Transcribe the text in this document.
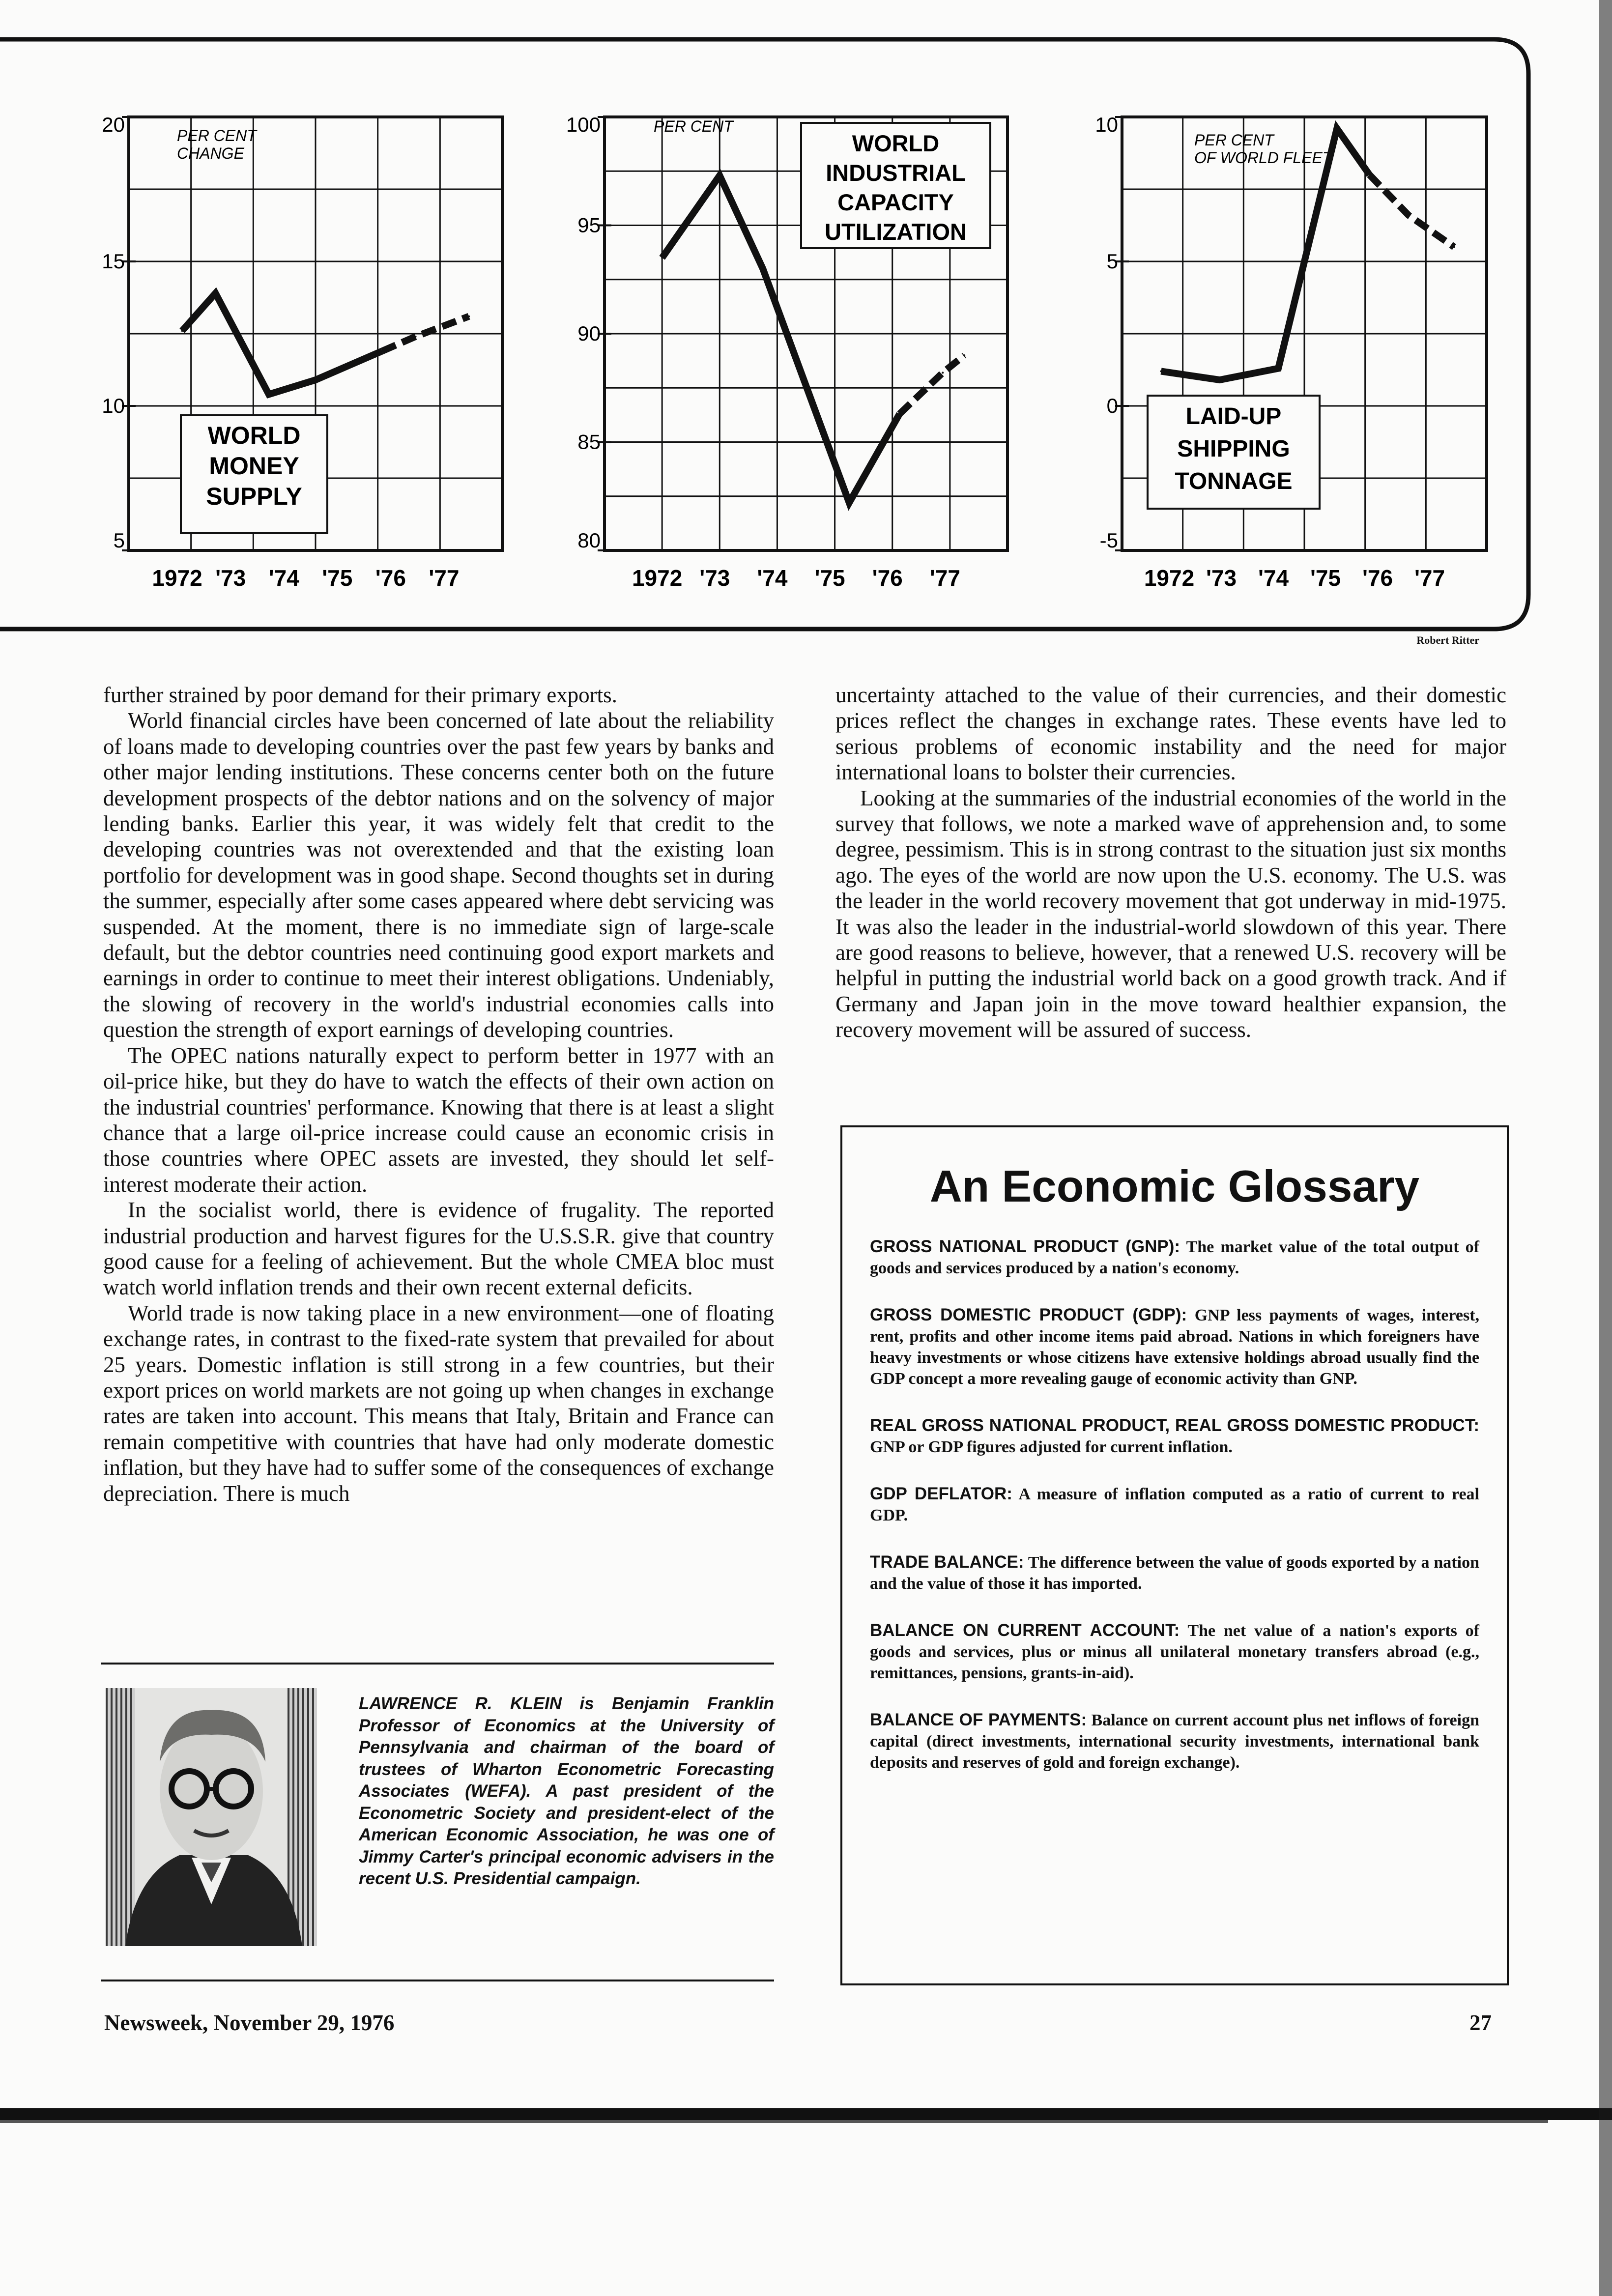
20
15
10
5
1972 '73 '74 '75 '76 '77
PER CENT
CHANGE
WORLD
MONEY
SUPPLY
100
95
90
85
80
1972 '73 '74 '75 '76 '77
PER CENT
WORLD
INDUSTRIAL
CAPACITY
UTILIZATION
10
5
0
-5
1972 '73 '74 '75 '76 '77
PER CENT
OF WORLD FLEET
LAID-UP
SHIPPING
TONNAGE
Robert Ritter

further strained by poor demand for their primary exports.

World financial circles have been concerned of late about the reliability of loans made to developing countries over the past few years by banks and other major lending institutions. These concerns center both on the future development prospects of the debtor nations and on the solvency of major lending banks. Earlier this year, it was widely felt that credit to the developing countries was not overextended and that the existing loan portfolio for development was in good shape. Second thoughts set in during the summer, especially after some cases appeared where debt servicing was suspended. At the moment, there is no immediate sign of large-scale default, but the debtor countries need continuing good export markets and earnings in order to continue to meet their interest obligations. Undeniably, the slowing of recovery in the world's industrial economies calls into question the strength of export earnings of developing countries.

The OPEC nations naturally expect to perform better in 1977 with an oil-price hike, but they do have to watch the effects of their own action on the industrial countries' performance. Knowing that there is at least a slight chance that a large oil-price increase could cause an economic crisis in those countries where OPEC assets are invested, they should let self-interest moderate their action.

In the socialist world, there is evidence of frugality. The reported industrial production and harvest figures for the U.S.S.R. give that country good cause for a feeling of achievement. But the whole CMEA bloc must watch world inflation trends and their own recent external deficits.

World trade is now taking place in a new environment—one of floating exchange rates, in contrast to the fixed-rate system that prevailed for about 25 years. Domestic inflation is still strong in a few countries, but their export prices on world markets are not going up when changes in exchange rates are taken into account. This means that Italy, Britain and France can remain competitive with countries that have had only moderate domestic inflation, but they have had to suffer some of the consequences of exchange depreciation. There is much

uncertainty attached to the value of their currencies, and their domestic prices reflect the changes in exchange rates. These events have led to serious problems of economic instability and the need for major international loans to bolster their currencies.

Looking at the summaries of the industrial economies of the world in the survey that follows, we note a marked wave of apprehension and, to some degree, pessimism. This is in strong contrast to the situation just six months ago. The eyes of the world are now upon the U.S. economy. The U.S. was the leader in the world recovery movement that got underway in mid-1975. It was also the leader in the industrial-world slowdown of this year. There are good reasons to believe, however, that a renewed U.S. recovery will be helpful in putting the industrial world back on a good growth track. And if Germany and Japan join in the move toward healthier expansion, the recovery movement will be assured of success.

LAWRENCE R. KLEIN is Benjamin Franklin Professor of Economics at the University of Pennsylvania and chairman of the board of trustees of Wharton Econometric Forecasting Associates (WEFA). A past president of the Econometric Society and president-elect of the American Economic Association, he was one of Jimmy Carter's principal economic advisers in the recent U.S. Presidential campaign.
An Economic Glossary

GROSS NATIONAL PRODUCT (GNP): The market value of the total output of goods and services produced by a nation's economy.

GROSS DOMESTIC PRODUCT (GDP): GNP less payments of wages, interest, rent, profits and other income items paid abroad. Nations in which foreigners have heavy investments or whose citizens have extensive holdings abroad usually find the GDP concept a more revealing gauge of economic activity than GNP.

REAL GROSS NATIONAL PRODUCT, REAL GROSS DOMESTIC PRODUCT: GNP or GDP figures adjusted for current inflation.

GDP DEFLATOR: A measure of inflation computed as a ratio of current to real GDP.

TRADE BALANCE: The difference between the value of goods exported by a nation and the value of those it has imported.

BALANCE ON CURRENT ACCOUNT: The net value of a nation's exports of goods and services, plus or minus all unilateral monetary transfers abroad (e.g., remittances, pensions, grants-in-aid).

BALANCE OF PAYMENTS: Balance on current account plus net inflows of foreign capital (direct investments, international security investments, international bank deposits and reserves of gold and foreign exchange).

Newsweek, November 29, 1976	27
